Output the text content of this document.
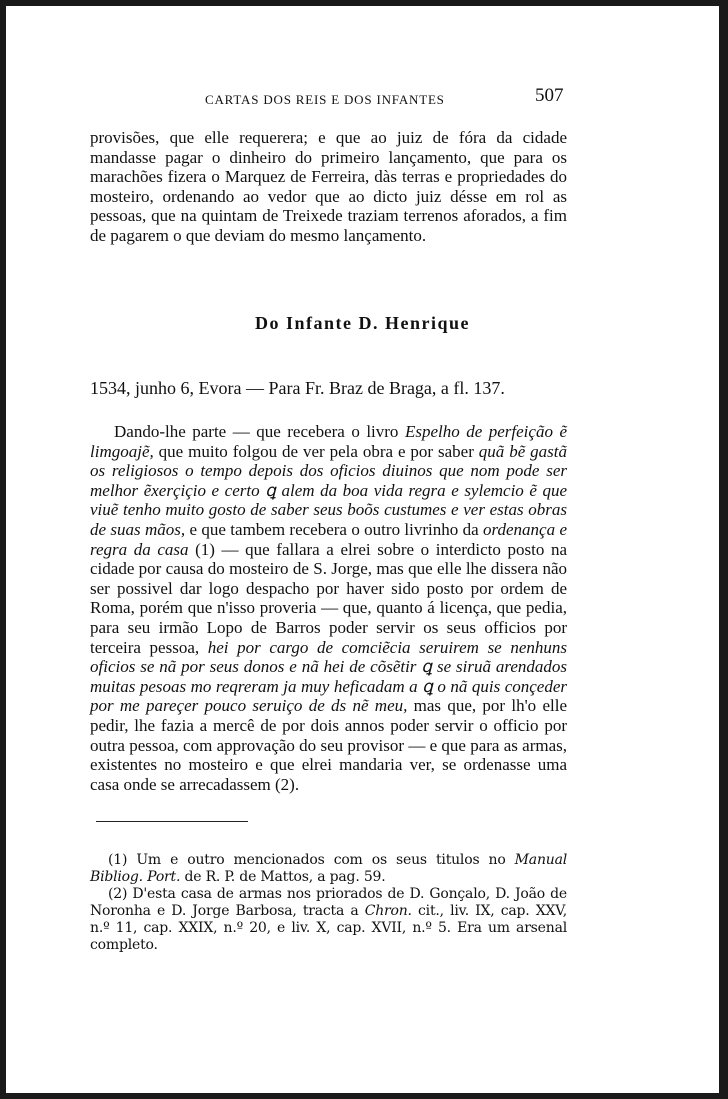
CARTAS DOS REIS E DOS INFANTES	507

provisões, que elle requerera; e que ao juiz de fóra da cidade mandasse pagar o dinheiro do primeiro lançamento, que para os marachões fizera o Marquez de Ferreira, dàs terras e propriedades do mosteiro, ordenando ao vedor que ao dicto juiz désse em rol as pessoas, que na quintam de Treixede traziam terrenos aforados, a fim de pagarem o que deviam do mesmo lançamento.

Do Infante D. Henrique

1534, junho 6, Evora — Para Fr. Braz de Braga, a fl. 137.

Dando-lhe parte — que recebera o livro Espelho de perfeição ẽ limgoajẽ, que muito folgou de ver pela obra e por saber quã bẽ gastã os religiosos o tempo depois dos oficios diuinos que nom pode ser melhor ẽxerçiçio e certo ꝗ alem da boa vida regra e sylemcio ẽ que viuẽ tenho muito gosto de saber seus boõs custumes e ver estas obras de suas mãos, e que tambem recebera o outro livrinho da ordenança e regra da casa (1) — que fallara a elrei sobre o interdicto posto na cidade por causa do mosteiro de S. Jorge, mas que elle lhe dissera não ser possivel dar logo despacho por haver sido posto por ordem de Roma, porém que n'isso proveria — que, quanto á licença, que pedia, para seu irmão Lopo de Barros poder servir os seus officios por terceira pessoa, hei por cargo de comciẽcia seruirem se nenhuns oficios se nã por seus donos e nã hei de cõsẽtir ꝗ se siruã arendados muitas pesoas mo reqreram ja muy heficadam a ꝗ o nã quis conçeder por me pareçer pouco seruiço de ds nẽ meu, mas que, por lh'o elle pedir, lhe fazia a mercê de por dois annos poder servir o officio por outra pessoa, com approvação do seu provisor — e que para as armas, existentes no mosteiro e que elrei mandaria ver, se ordenasse uma casa onde se arrecadassem (2).

(1) Um e outro mencionados com os seus titulos no Manual Bibliog. Port. de R. P. de Mattos, a pag. 59.

(2) D'esta casa de armas nos priorados de D. Gonçalo, D. João de Noronha e D. Jorge Barbosa, tracta a Chron. cit., liv. IX, cap. XXV, n.º 11, cap. XXIX, n.º 20, e liv. X, cap. XVII, n.º 5. Era um arsenal completo.
